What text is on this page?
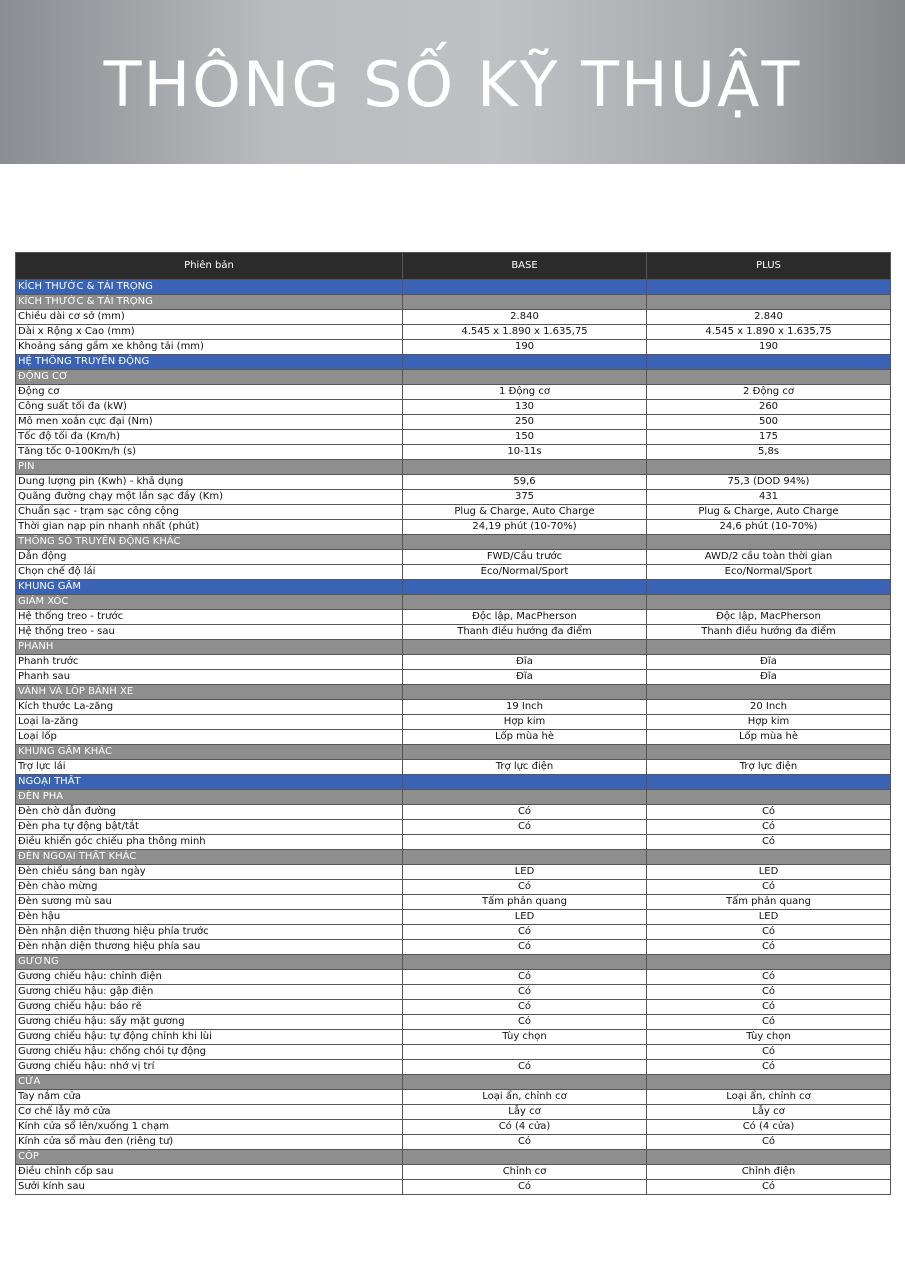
THÔNG SỐ KỸ THUẬT
Phiên bản	BASE	PLUS
KÍCH THƯỚC & TẢI TRỌNG		
KÍCH THƯỚC & TẢI TRỌNG		
Chiều dài cơ sở (mm)	2.840	2.840
Dài x Rộng x Cao (mm)	4.545 x 1.890 x 1.635,75	4.545 x 1.890 x 1.635,75
Khoảng sáng gầm xe không tải (mm)	190	190
HỆ THỐNG TRUYỀN ĐỘNG		
ĐỘNG CƠ		
Động cơ	1 Động cơ	2 Động cơ
Công suất tối đa (kW)	130	260
Mô men xoắn cực đại (Nm)	250	500
Tốc độ tối đa (Km/h)	150	175
Tăng tốc 0-100Km/h (s)	10-11s	5,8s
PIN		
Dung lượng pin (Kwh) - khả dụng	59,6	75,3 (DOD 94%)
Quãng đường chạy một lần sạc đầy (Km)	375	431
Chuẩn sạc - trạm sạc công cộng	Plug & Charge, Auto Charge	Plug & Charge, Auto Charge
Thời gian nạp pin nhanh nhất (phút)	24,19 phút (10-70%)	24,6 phút (10-70%)
THÔNG SỐ TRUYỀN ĐỘNG KHÁC		
Dẫn động	FWD/Cầu trước	AWD/2 cầu toàn thời gian
Chọn chế độ lái	Eco/Normal/Sport	Eco/Normal/Sport
KHUNG GẦM		
GIẢM XÓC		
Hệ thống treo - trước	Độc lập, MacPherson	Độc lập, MacPherson
Hệ thống treo - sau	Thanh điều hướng đa điểm	Thanh điều hướng đa điểm
PHANH		
Phanh trước	Đĩa	Đĩa
Phanh sau	Đĩa	Đĩa
VÀNH VÀ LỐP BÁNH XE		
Kích thước La-zăng	19 Inch	20 Inch
Loại la-zăng	Hợp kim	Hợp kim
Loại lốp	Lốp mùa hè	Lốp mùa hè
KHUNG GẦM KHÁC		
Trợ lực lái	Trợ lực điện	Trợ lực điện
NGOẠI THẤT		
ĐÈN PHA		
Đèn chờ dẫn đường	Có	Có
Đèn pha tự động bật/tắt	Có	Có
Điều khiển góc chiếu pha thông minh		Có
ĐÈN NGOẠI THẤT KHÁC		
Đèn chiếu sáng ban ngày	LED	LED
Đèn chào mừng	Có	Có
Đèn sương mù sau	Tấm phản quang	Tấm phản quang
Đèn hậu	LED	LED
Đèn nhận diện thương hiệu phía trước	Có	Có
Đèn nhận diện thương hiệu phía sau	Có	Có
GƯƠNG		
Gương chiếu hậu: chỉnh điện	Có	Có
Gương chiếu hậu: gập điện	Có	Có
Gương chiếu hậu: báo rẽ	Có	Có
Gương chiếu hậu: sấy mặt gương	Có	Có
Gương chiếu hậu: tự động chỉnh khi lùi	Tùy chọn	Tùy chọn
Gương chiếu hậu: chống chói tự động		Có
Gương chiếu hậu: nhớ vị trí	Có	Có
CỬA		
Tay nắm cửa	Loại ẩn, chỉnh cơ	Loại ẩn, chỉnh cơ
Cơ chế lẫy mở cửa	Lẫy cơ	Lẫy cơ
Kính cửa sổ lên/xuống 1 chạm	Có (4 cửa)	Có (4 cửa)
Kính cửa sổ màu đen (riêng tư)	Có	Có
CỐP		
Điều chỉnh cốp sau	Chỉnh cơ	Chỉnh điện
Sưởi kính sau	Có	Có
